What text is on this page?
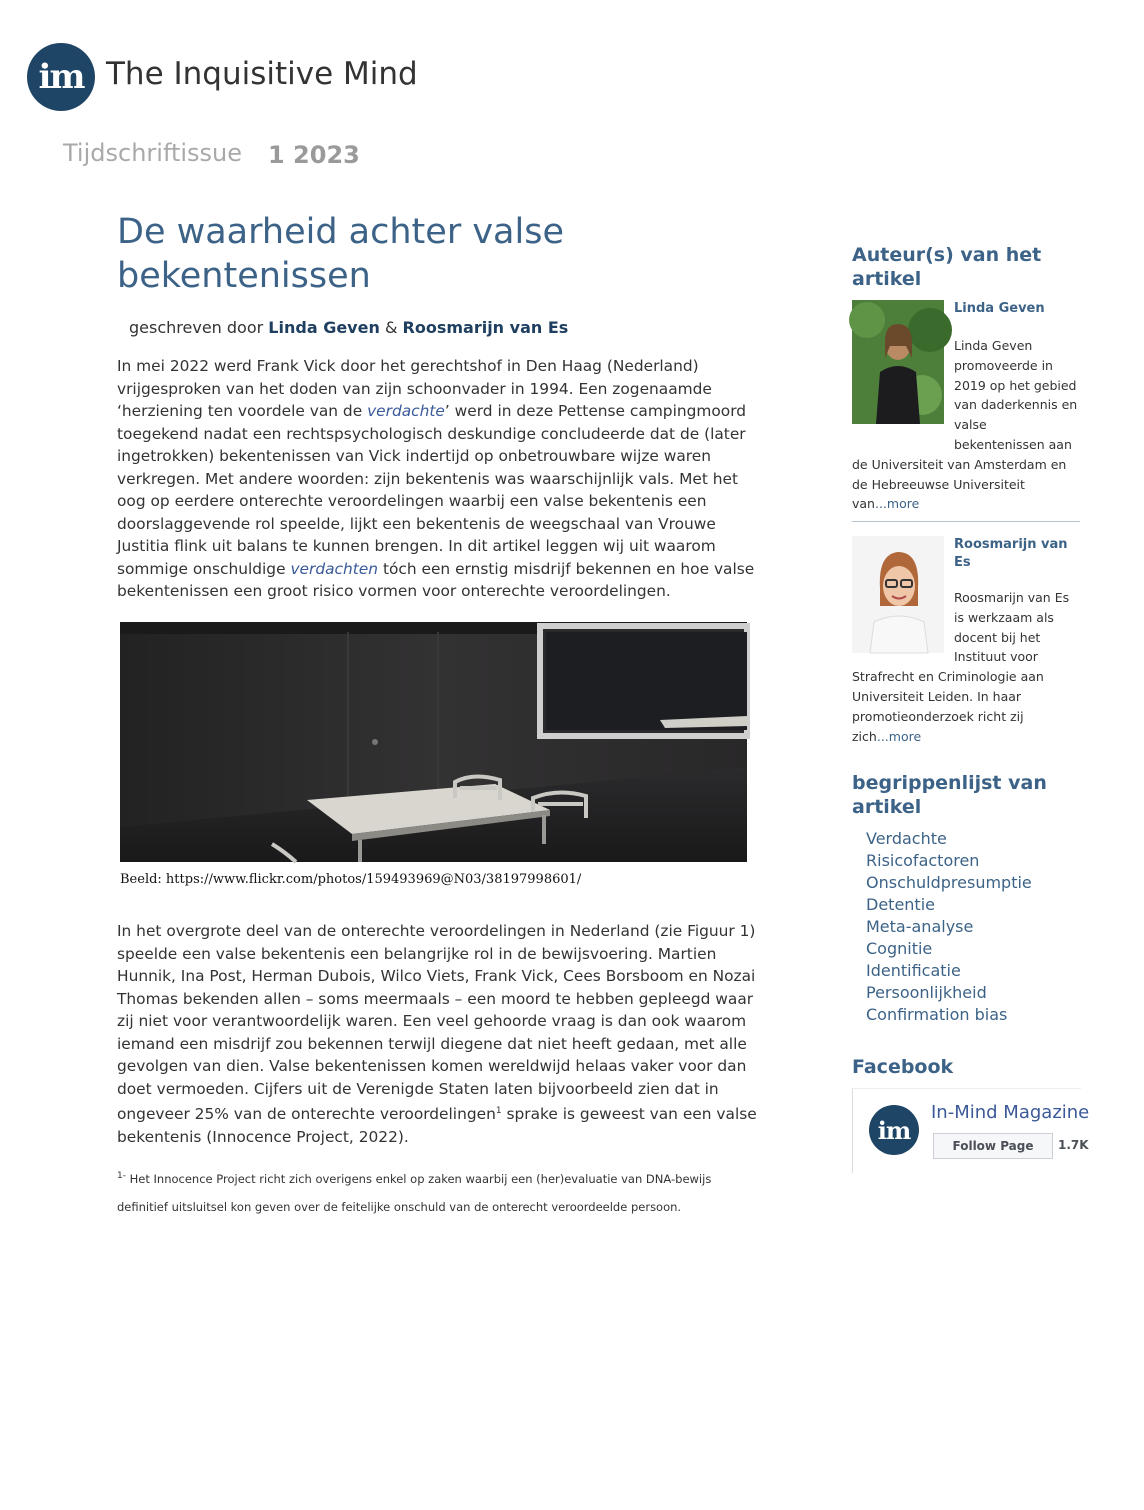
im The Inquisitive Mind
Tijdschriftissue 1 2023
De waarheid achter valse bekentenissen
geschreven door Linda Geven & Roosmarijn van Es
In mei 2022 werd Frank Vick door het gerechtshof in Den Haag (Nederland) vrijgesproken van het doden van zijn schoonvader in 1994. Een zogenaamde ‘herziening ten voordele van de verdachte’ werd in deze Pettense campingmoord toegekend nadat een rechtspsychologisch deskundige concludeerde dat de (later ingetrokken) bekentenissen van Vick indertijd op onbetrouwbare wijze waren verkregen. Met andere woorden: zijn bekentenis was waarschijnlijk vals. Met het oog op eerdere onterechte veroordelingen waarbij een valse bekentenis een doorslaggevende rol speelde, lijkt een bekentenis de weegschaal van Vrouwe Justitia flink uit balans te kunnen brengen. In dit artikel leggen wij uit waarom sommige onschuldige verdachten tóch een ernstig misdrijf bekennen en hoe valse bekentenissen een groot risico vormen voor onterechte veroordelingen.
Beeld: https://www.flickr.com/photos/159493969@N03/38197998601/
In het overgrote deel van de onterechte veroordelingen in Nederland (zie Figuur 1) speelde een valse bekentenis een belangrijke rol in de bewijsvoering. Martien Hunnik, Ina Post, Herman Dubois, Wilco Viets, Frank Vick, Cees Borsboom en Nozai Thomas bekenden allen – soms meermaals – een moord te hebben gepleegd waar zij niet voor verantwoordelijk waren. Een veel gehoorde vraag is dan ook waarom iemand een misdrijf zou bekennen terwijl diegene dat niet heeft gedaan, met alle gevolgen van dien. Valse bekentenissen komen wereldwijd helaas vaker voor dan doet vermoeden. Cijfers uit de Verenigde Staten laten bijvoorbeeld zien dat in ongeveer 25% van de onterechte veroordelingen$^1$ sprake is geweest van een valse bekentenis (Innocence Project, 2022).
$^{1-}$ Het Innocence Project richt zich overigens enkel op zaken waarbij een (her)evaluatie van DNA-bewijs definitief uitsluitsel kon geven over de feitelijke onschuld van de onterecht veroordeelde persoon.
Auteur(s) van het artikel
Linda Geven
Linda Geven promoveerde in 2019 op het gebied van daderkennis en valse bekentenissen aan de Universiteit van Amsterdam en de Hebreeuwse Universiteit van...more
Roosmarijn van Es
Roosmarijn van Es is werkzaam als docent bij het Instituut voor Strafrecht en Criminologie aan Universiteit Leiden. In haar promotieonderzoek richt zij zich...more
begrippenlijst van artikel
Verdachte
Risicofactoren
Onschuldpresumptie
Detentie
Meta-analyse
Cognitie
Identificatie
Persoonlijkheid
Confirmation bias
Facebook
im
In-Mind Magazine
Follow Page	1.7K
